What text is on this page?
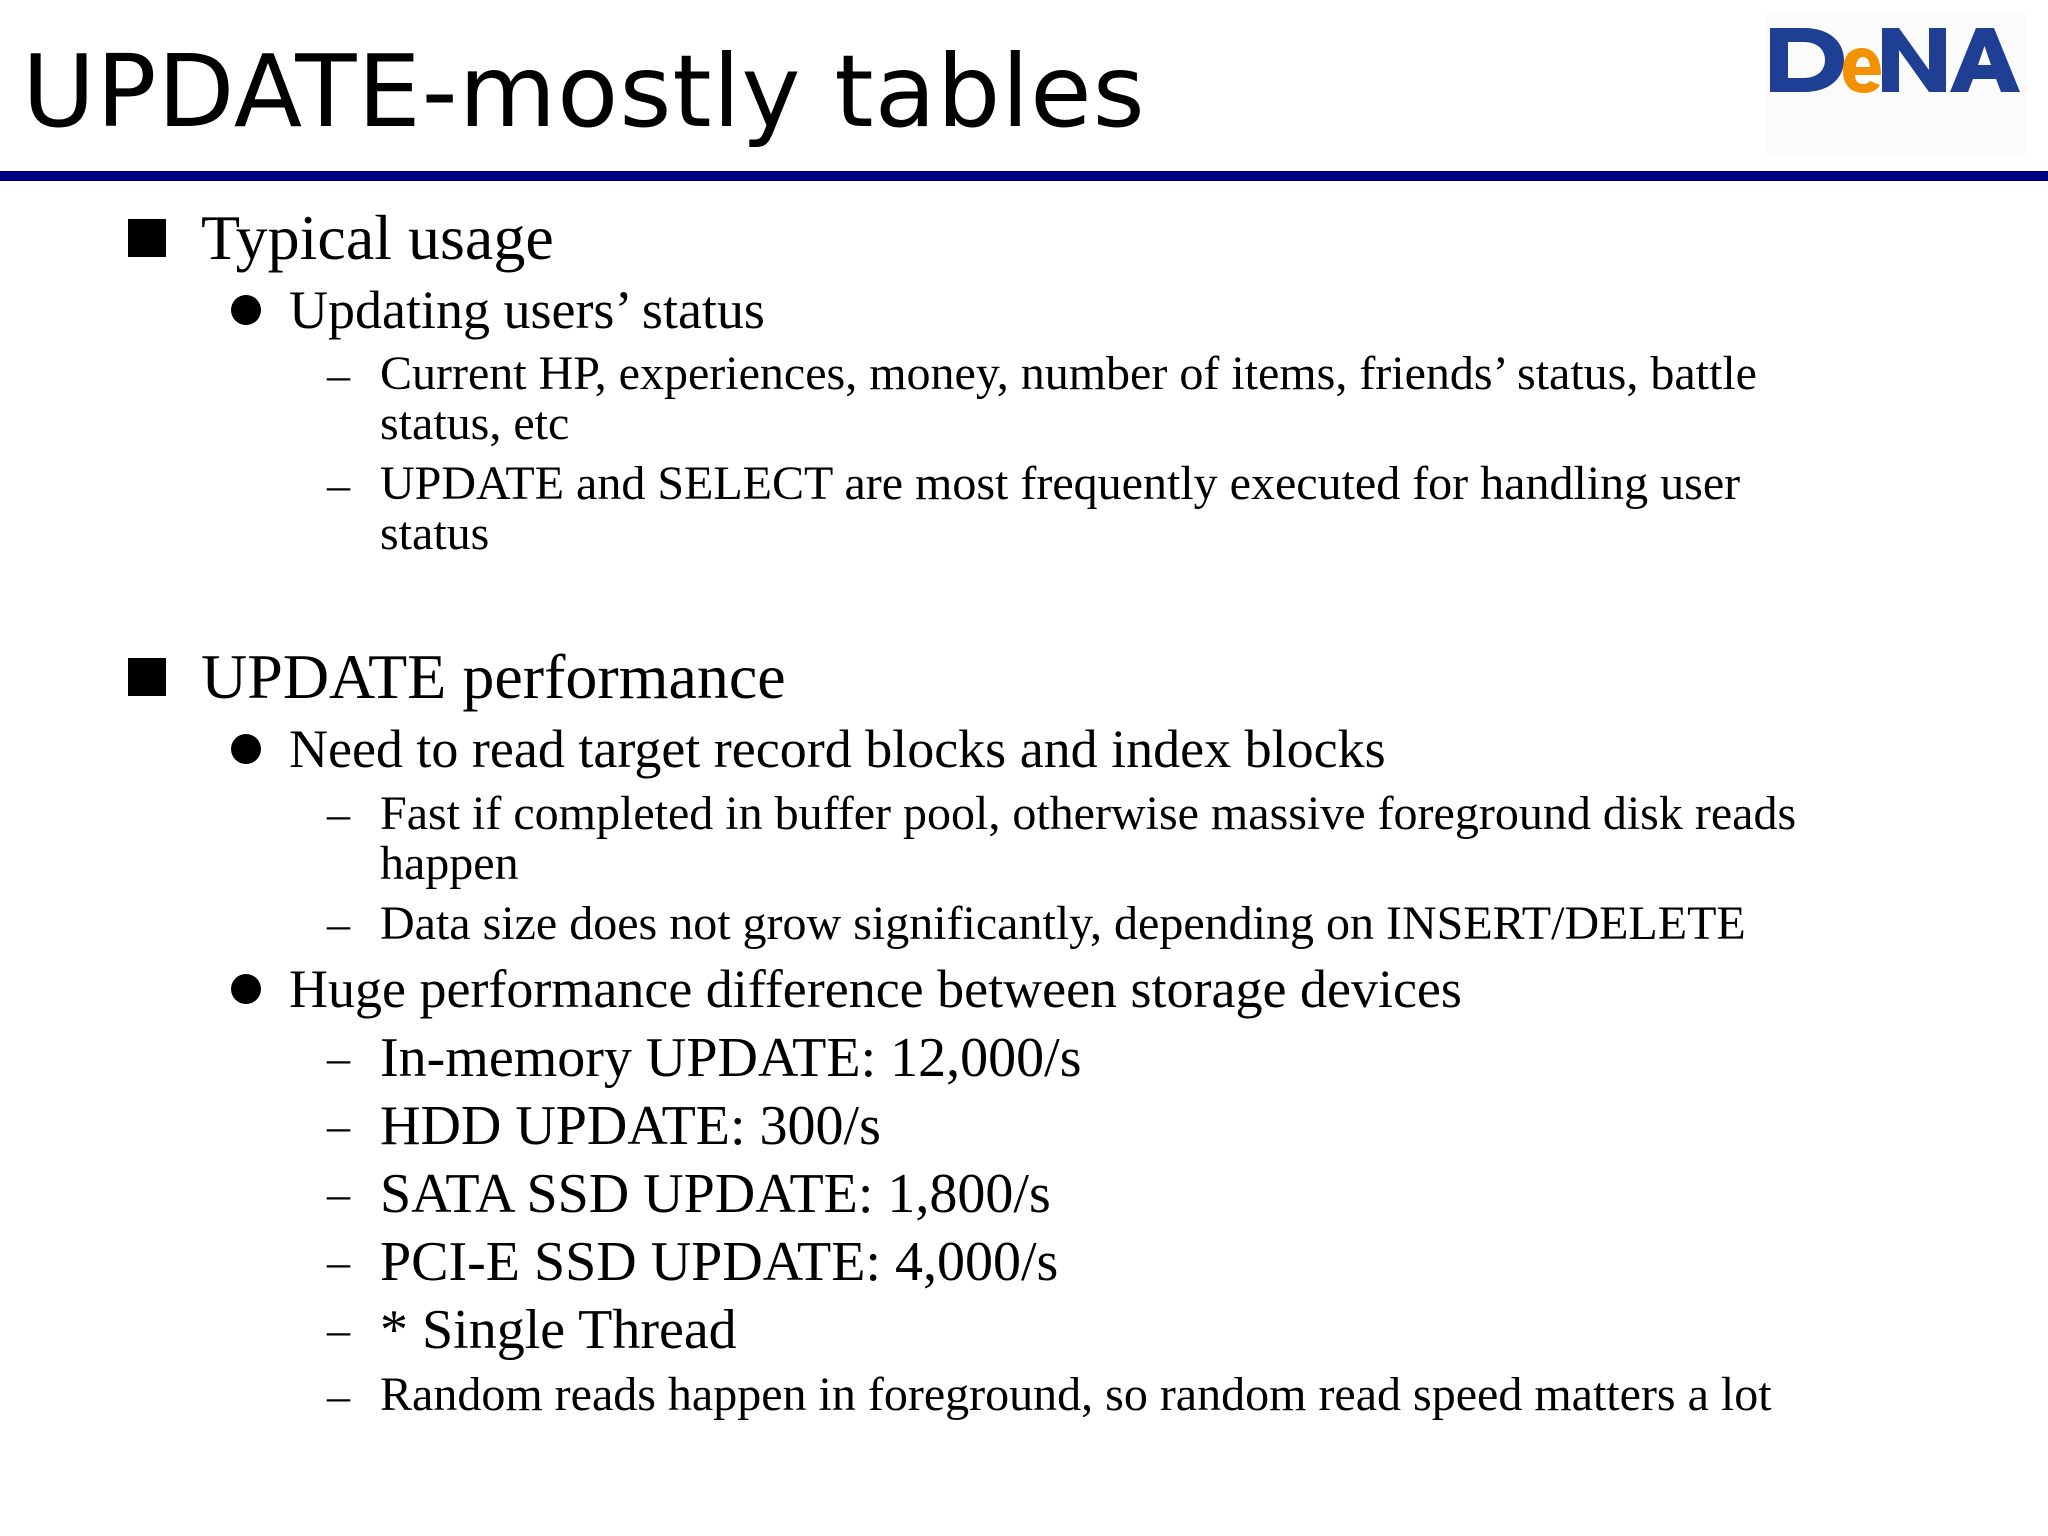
UPDATE-mostly tables
Typical usage
Updating users’ status
– Current HP, experiences, money, number of items, friends’ status, battle
status, etc
– UPDATE and SELECT are most frequently executed for handling user
status
UPDATE performance
Need to read target record blocks and index blocks
– Fast if completed in buffer pool, otherwise massive foreground disk reads
happen
– Data size does not grow significantly, depending on INSERT/DELETE
Huge performance difference between storage devices
– In-memory UPDATE: 12,000/s
– HDD UPDATE: 300/s
– SATA SSD UPDATE: 1,800/s
– PCI-E SSD UPDATE: 4,000/s
– * Single Thread
– Random reads happen in foreground, so random read speed matters a lot
